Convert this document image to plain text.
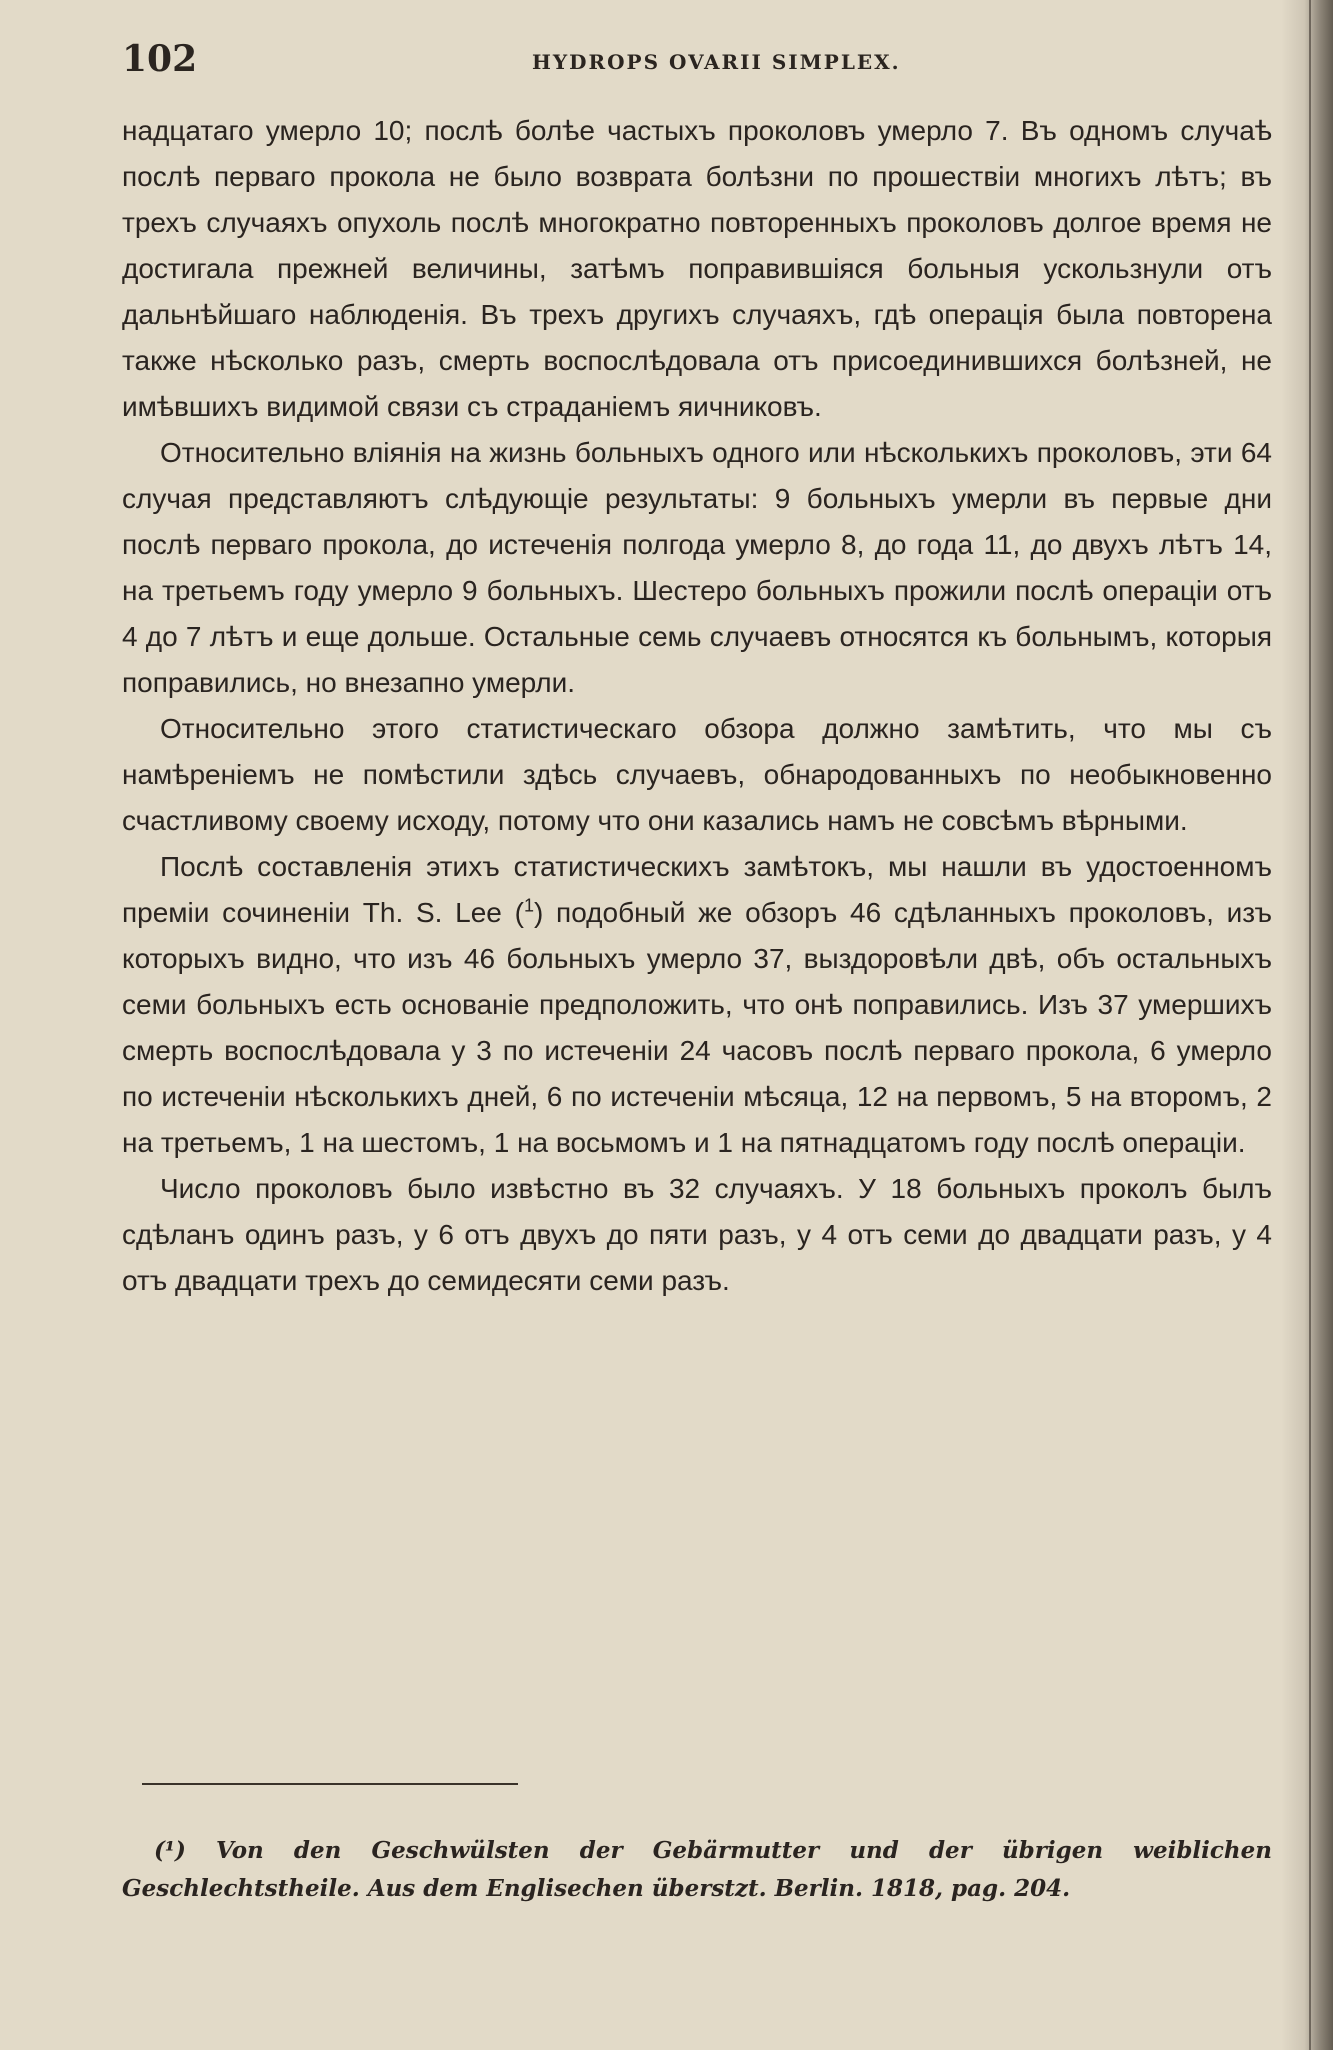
102	HYDROPS OVARII SIMPLEX.

надцатаго умерло 10; послѣ болѣе частыхъ проколовъ умерло 7. Въ одномъ случаѣ послѣ перваго прокола не было возврата болѣзни по прошествiи многихъ лѣтъ; въ трехъ случаяхъ опухоль послѣ многократно повторенныхъ проколовъ долгое время не достигала прежней величины, затѣмъ поправившiяся больныя ускользнули отъ дальнѣйшаго наблюденiя. Въ трехъ другихъ случаяхъ, гдѣ операцiя была повторена также нѣсколько разъ, смерть воспослѣдовала отъ присоединившихся болѣзней, не имѣвшихъ видимой связи съ страданiемъ яичниковъ.

Относительно влiянiя на жизнь больныхъ одного или нѣсколькихъ проколовъ, эти 64 случая представляютъ слѣдующiе результаты: 9 больныхъ умерли въ первые дни послѣ перваго прокола, до истеченiя полгода умерло 8, до года 11, до двухъ лѣтъ 14, на третьемъ году умерло 9 больныхъ. Шестеро больныхъ прожили послѣ операцiи отъ 4 до 7 лѣтъ и еще дольше. Остальные семь случаевъ относятся къ больнымъ, которыя поправились, но внезапно умерли.

Относительно этого статистическаго обзора должно замѣтить, что мы съ намѣренiемъ не помѣстили здѣсь случаевъ, обнародованныхъ по необыкновенно счастливому своему исходу, потому что они казались намъ не совсѣмъ вѣрными.

Послѣ составленiя этихъ статистическихъ замѣтокъ, мы нашли въ удостоенномъ премiи сочиненiи Th. S. Lee ($^1$) подобный же обзоръ 46 сдѣланныхъ проколовъ, изъ которыхъ видно, что изъ 46 больныхъ умерло 37, выздоровѣли двѣ, объ остальныхъ семи больныхъ есть основанiе предположить, что онѣ поправились. Изъ 37 умершихъ смерть воспослѣдовала у 3 по истеченiи 24 часовъ послѣ перваго прокола, 6 умерло по истеченiи нѣсколькихъ дней, 6 по истеченiи мѣсяца, 12 на первомъ, 5 на второмъ, 2 на третьемъ, 1 на шестомъ, 1 на восьмомъ и 1 на пятнадцатомъ году послѣ операцiи.

Число проколовъ было извѣстно въ 32 случаяхъ. У 18 больныхъ проколъ былъ сдѣланъ одинъ разъ, у 6 отъ двухъ до пяти разъ, у 4 отъ семи до двадцати разъ, у 4 отъ двадцати трехъ до семидесяти семи разъ.

(¹) Von den Geschwülsten der Gebärmutter und der übrigen weiblichen Geschlechtstheile. Aus dem Englisechen überstzt. Berlin. 1818, pag. 204.
